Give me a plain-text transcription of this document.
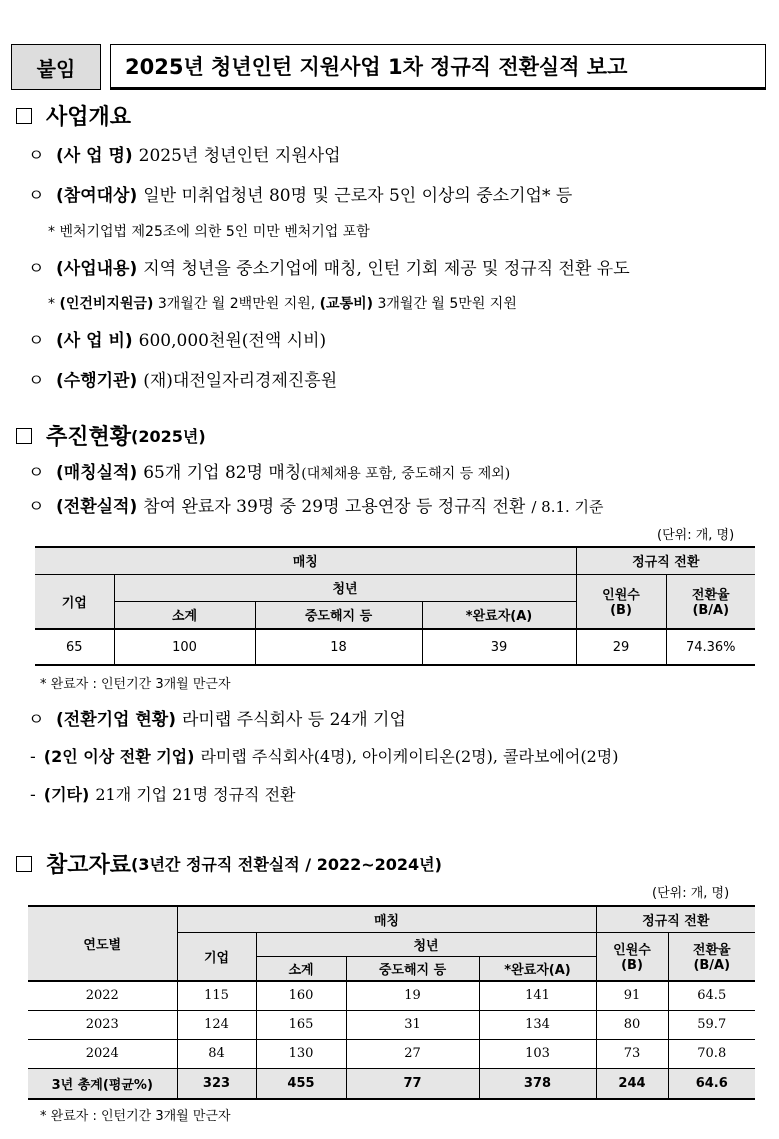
붙임	2025년 청년인턴 지원사업 1차 정규직 전환실적 보고
사업개요
ㅇ (사 업 명) 2025년 청년인턴 지원사업
ㅇ (참여대상) 일반 미취업청년 80명 및 근로자 5인 이상의 중소기업* 등
* 벤처기업법 제25조에 의한 5인 미만 벤처기업 포함
ㅇ (사업내용) 지역 청년을 중소기업에 매칭, 인턴 기회 제공 및 정규직 전환 유도
* (인건비지원금) 3개월간 월 2백만원 지원, (교통비) 3개월간 월 5만원 지원
ㅇ (사 업 비) 600,000천원(전액 시비)
ㅇ (수행기관) (재)대전일자리경제진흥원
추진현황 (2025년)
ㅇ (매칭실적) 65개 기업 82명 매칭 (대체채용 포함, 중도해지 등 제외)
ㅇ (전환실적) 참여 완료자 39명 중 29명 고용연장 등 정규직 전환 / 8.1. 기준
(단위: 개, 명)
매칭				정규직 전환	
기업	청년			인원수
(B)	전환율
(B/A)
	소계	중도해지 등	*완료자(A)		
65	100	18	39	29	74.36%
* 완료자 : 인턴기간 3개월 만근자
ㅇ (전환기업 현황) 라미랩 주식회사 등 24개 기업
- (2인 이상 전환 기업) 라미랩 주식회사(4명), 아이케이티온(2명), 콜라보에어(2명)
- (기타) 21개 기업 21명 정규직 전환
참고자료 (3년간 정규직 전환실적 / 2022~2024년)
(단위: 개, 명)
연도별	매칭				정규직 전환	
	기업	청년			인원수
(B)	전환율
(B/A)
		소계	중도해지 등	*완료자(A)		
2022	115	160	19	141	91	64.5
2023	124	165	31	134	80	59.7
2024	84	130	27	103	73	70.8
3년 총계(평균%)	323	455	77	378	244	64.6
* 완료자 : 인턴기간 3개월 만근자
